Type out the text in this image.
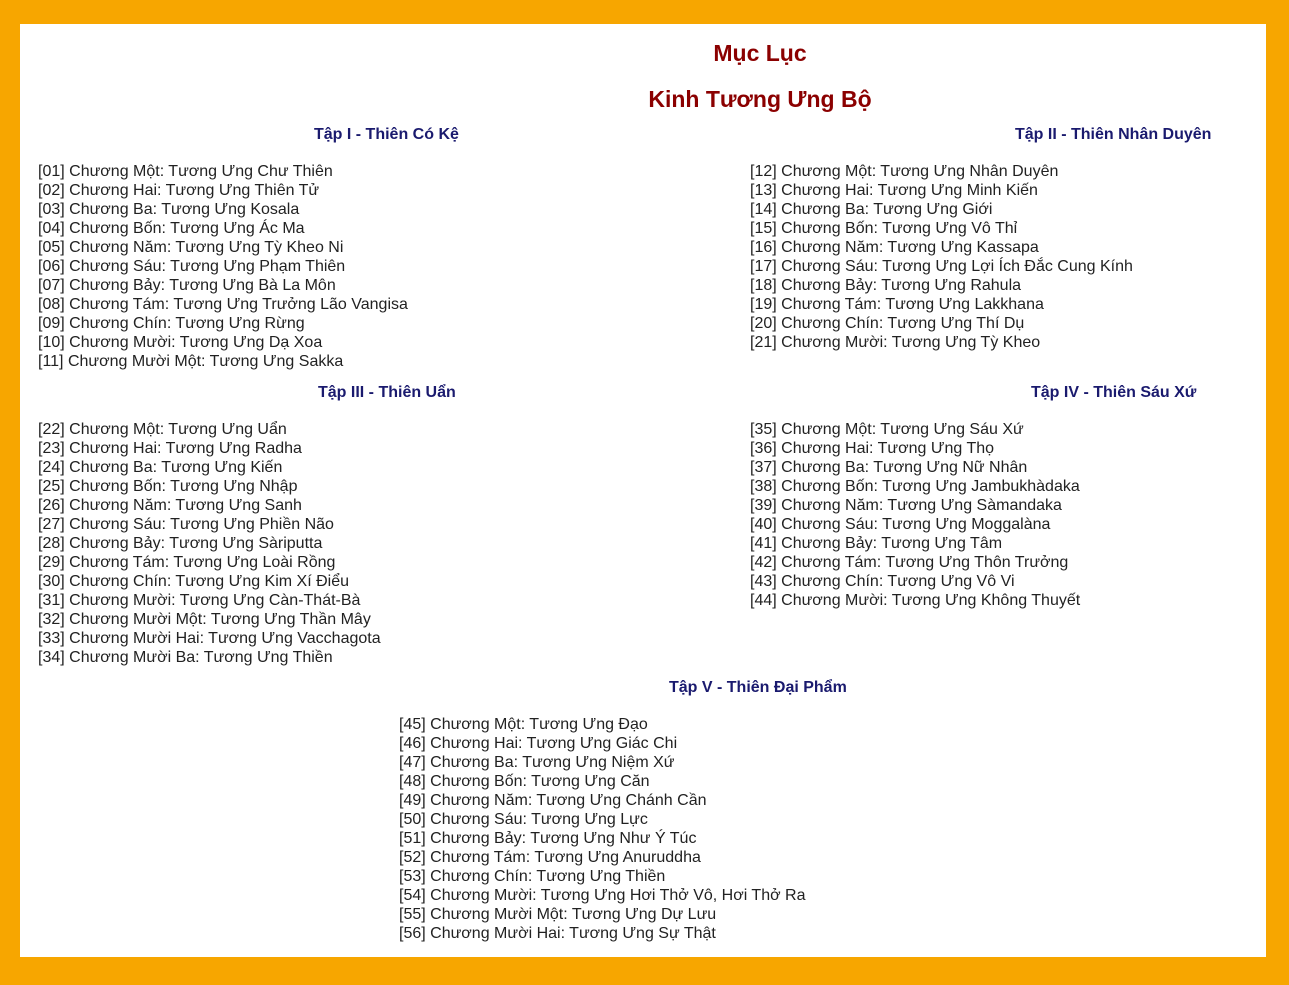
Mục Lục
Kinh Tương Ưng Bộ
Tập I - Thiên Có Kệ
[01] Chương Một: Tương Ưng Chư Thiên
[02] Chương Hai: Tương Ưng Thiên Tử
[03] Chương Ba: Tương Ưng Kosala
[04] Chương Bốn: Tương Ưng Ác Ma
[05] Chương Năm: Tương Ưng Tỳ Kheo Ni
[06] Chương Sáu: Tương Ưng Phạm Thiên
[07] Chương Bảy: Tương Ưng Bà La Môn
[08] Chương Tám: Tương Ưng Trưởng Lão Vangisa
[09] Chương Chín: Tương Ưng Rừng
[10] Chương Mười: Tương Ưng Dạ Xoa
[11] Chương Mười Một: Tương Ưng Sakka
Tập II - Thiên Nhân Duyên
[12] Chương Một: Tương Ưng Nhân Duyên
[13] Chương Hai: Tương Ưng Minh Kiến
[14] Chương Ba: Tương Ưng Giới
[15] Chương Bốn: Tương Ưng Vô Thỉ
[16] Chương Năm: Tương Ưng Kassapa
[17] Chương Sáu: Tương Ưng Lợi Ích Đắc Cung Kính
[18] Chương Bảy: Tương Ưng Rahula
[19] Chương Tám: Tương Ưng Lakkhana
[20] Chương Chín: Tương Ưng Thí Dụ
[21] Chương Mười: Tương Ưng Tỳ Kheo
Tập III - Thiên Uẩn
[22] Chương Một: Tương Ưng Uẩn
[23] Chương Hai: Tương Ưng Radha
[24] Chương Ba: Tương Ưng Kiến
[25] Chương Bốn: Tương Ưng Nhập
[26] Chương Năm: Tương Ưng Sanh
[27] Chương Sáu: Tương Ưng Phiền Não
[28] Chương Bảy: Tương Ưng Sàriputta
[29] Chương Tám: Tương Ưng Loài Rồng
[30] Chương Chín: Tương Ưng Kim Xí Điểu
[31] Chương Mười: Tương Ưng Càn-Thát-Bà
[32] Chương Mười Một: Tương Ưng Thần Mây
[33] Chương Mười Hai: Tương Ưng Vacchagota
[34] Chương Mười Ba: Tương Ưng Thiền
Tập IV - Thiên Sáu Xứ
[35] Chương Một: Tương Ưng Sáu Xứ
[36] Chương Hai: Tương Ưng Thọ
[37] Chương Ba: Tương Ưng Nữ Nhân
[38] Chương Bốn: Tương Ưng Jambukhàdaka
[39] Chương Năm: Tương Ưng Sàmandaka
[40] Chương Sáu: Tương Ưng Moggalàna
[41] Chương Bảy: Tương Ưng Tâm
[42] Chương Tám: Tương Ưng Thôn Trưởng
[43] Chương Chín: Tương Ưng Vô Vi
[44] Chương Mười: Tương Ưng Không Thuyết
Tập V - Thiên Đại Phẩm
[45] Chương Một: Tương Ưng Đạo
[46] Chương Hai: Tương Ưng Giác Chi
[47] Chương Ba: Tương Ưng Niệm Xứ
[48] Chương Bốn: Tương Ưng Căn
[49] Chương Năm: Tương Ưng Chánh Cần
[50] Chương Sáu: Tương Ưng Lực
[51] Chương Bảy: Tương Ưng Như Ý Túc
[52] Chương Tám: Tương Ưng Anuruddha
[53] Chương Chín: Tương Ưng Thiền
[54] Chương Mười: Tương Ưng Hơi Thở Vô, Hơi Thở Ra
[55] Chương Mười Một: Tương Ưng Dự Lưu
[56] Chương Mười Hai: Tương Ưng Sự Thật
